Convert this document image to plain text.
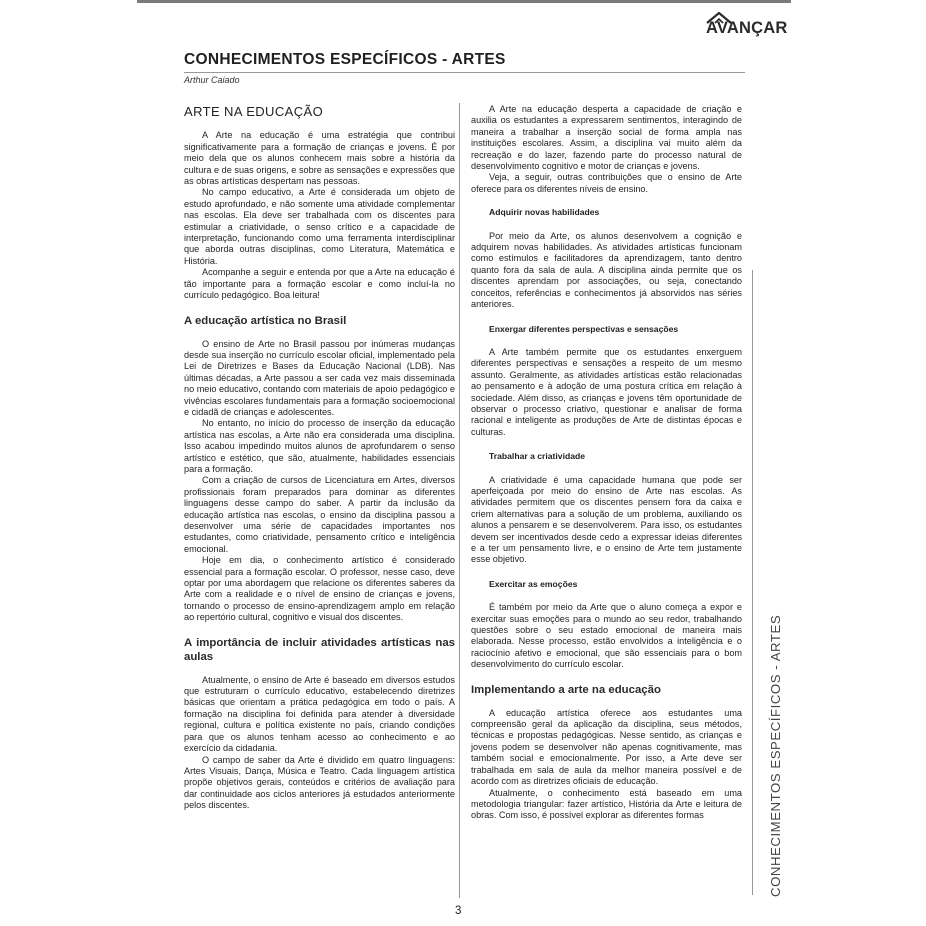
AVANÇAR
CONHECIMENTOS ESPECÍFICOS - ARTES
Arthur Caiado
ARTE NA EDUCAÇÃO

A Arte na educação é uma estratégia que contribui significativamente para a formação de crianças e jovens. É por meio dela que os alunos conhecem mais sobre a história da cultura e de suas origens, e sobre as sensações e expressões que as obras artísticas despertam nas pessoas.

No campo educativo, a Arte é considerada um objeto de estudo aprofundado, e não somente uma atividade complementar nas escolas. Ela deve ser trabalhada com os discentes para estimular a criatividade, o senso crítico e a capacidade de interpretação, funcionando como uma ferramenta interdisciplinar que aborda outras disciplinas, como Literatura, Matemática e História.

Acompanhe a seguir e entenda por que a Arte na educação é tão importante para a formação escolar e como incluí-la no currículo pedagógico. Boa leitura!

A educação artística no Brasil

O ensino de Arte no Brasil passou por inúmeras mudanças desde sua inserção no currículo escolar oficial, implementado pela Lei de Diretrizes e Bases da Educação Nacional (LDB). Nas últimas décadas, a Arte passou a ser cada vez mais disseminada no meio educativo, contando com materiais de apoio pedagógico e vivências escolares fundamentais para a formação socioemocional e cidadã de crianças e adolescentes.

No entanto, no início do processo de inserção da educação artística nas escolas, a Arte não era considerada uma disciplina. Isso acabou impedindo muitos alunos de aprofundarem o senso artístico e estético, que são, atualmente, habilidades essenciais para a formação.

Com a criação de cursos de Licenciatura em Artes, diversos profissionais foram preparados para dominar as diferentes linguagens desse campo do saber. A partir da inclusão da educação artística nas escolas, o ensino da disciplina passou a desenvolver uma série de capacidades importantes nos estudantes, como criatividade, pensamento crítico e inteligência emocional.

Hoje em dia, o conhecimento artístico é considerado essencial para a formação escolar. O professor, nesse caso, deve optar por uma abordagem que relacione os diferentes saberes da Arte com a realidade e o nível de ensino de crianças e jovens, tornando o processo de ensino-aprendizagem amplo em relação ao repertório cultural, cognitivo e visual dos discentes.

A importância de incluir atividades artísticas nas aulas

Atualmente, o ensino de Arte é baseado em diversos estudos que estruturam o currículo educativo, estabelecendo diretrizes básicas que orientam a prática pedagógica em todo o país. A formação na disciplina foi definida para atender à diversidade regional, cultura e política existente no país, criando condições para que os alunos tenham acesso ao conhecimento e ao exercício da cidadania.

O campo de saber da Arte é dividido em quatro linguagens: Artes Visuais, Dança, Música e Teatro. Cada linguagem artística propõe objetivos gerais, conteúdos e critérios de avaliação para dar continuidade aos ciclos anteriores já estudados anteriormente pelos discentes.

A Arte na educação desperta a capacidade de criação e auxilia os estudantes a expressarem sentimentos, interagindo de maneira a trabalhar a inserção social de forma ampla nas instituições escolares. Assim, a disciplina vai muito além da recreação e do lazer, fazendo parte do processo natural de desenvolvimento cognitivo e motor de crianças e jovens.

Veja, a seguir, outras contribuições que o ensino de Arte oferece para os diferentes níveis de ensino.

Adquirir novas habilidades

Por meio da Arte, os alunos desenvolvem a cognição e adquirem novas habilidades. As atividades artísticas funcionam como estímulos e facilitadores da aprendizagem, tanto dentro quanto fora da sala de aula. A disciplina ainda permite que os discentes aprendam por associações, ou seja, conectando conceitos, referências e conhecimentos já absorvidos nas séries anteriores.

Enxergar diferentes perspectivas e sensações

A Arte também permite que os estudantes enxerguem diferentes perspectivas e sensações a respeito de um mesmo assunto. Geralmente, as atividades artísticas estão relacionadas ao pensamento e à adoção de uma postura crítica em relação à sociedade. Além disso, as crianças e jovens têm oportunidade de observar o processo criativo, questionar e analisar de forma racional e inteligente as produções de Arte de distintas épocas e culturas.

Trabalhar a criatividade

A criatividade é uma capacidade humana que pode ser aperfeiçoada por meio do ensino de Arte nas escolas. As atividades permitem que os discentes pensem fora da caixa e criem alternativas para a solução de um problema, auxiliando os alunos a pensarem e se desenvolverem. Para isso, os estudantes devem ser incentivados desde cedo a expressar ideias diferentes e a ter um pensamento livre, e o ensino de Arte tem justamente esse objetivo.

Exercitar as emoções

É também por meio da Arte que o aluno começa a expor e exercitar suas emoções para o mundo ao seu redor, trabalhando questões sobre o seu estado emocional de maneira mais elaborada. Nesse processo, estão envolvidos a inteligência e o raciocínio afetivo e emocional, que são essenciais para o bom desenvolvimento do currículo escolar.

Implementando a arte na educação

A educação artística oferece aos estudantes uma compreensão geral da aplicação da disciplina, seus métodos, técnicas e propostas pedagógicas. Nesse sentido, as crianças e jovens podem se desenvolver não apenas cognitivamente, mas também social e emocionalmente. Por isso, a Arte deve ser trabalhada em sala de aula da melhor maneira possível e de acordo com as diretrizes oficiais de educação.

Atualmente, o conhecimento está baseado em uma metodologia triangular: fazer artístico, História da Arte e leitura de obras. Com isso, é possível explorar as diferentes formas	CONHECIMENTOS ESPECÍFICOS - ARTES
3
